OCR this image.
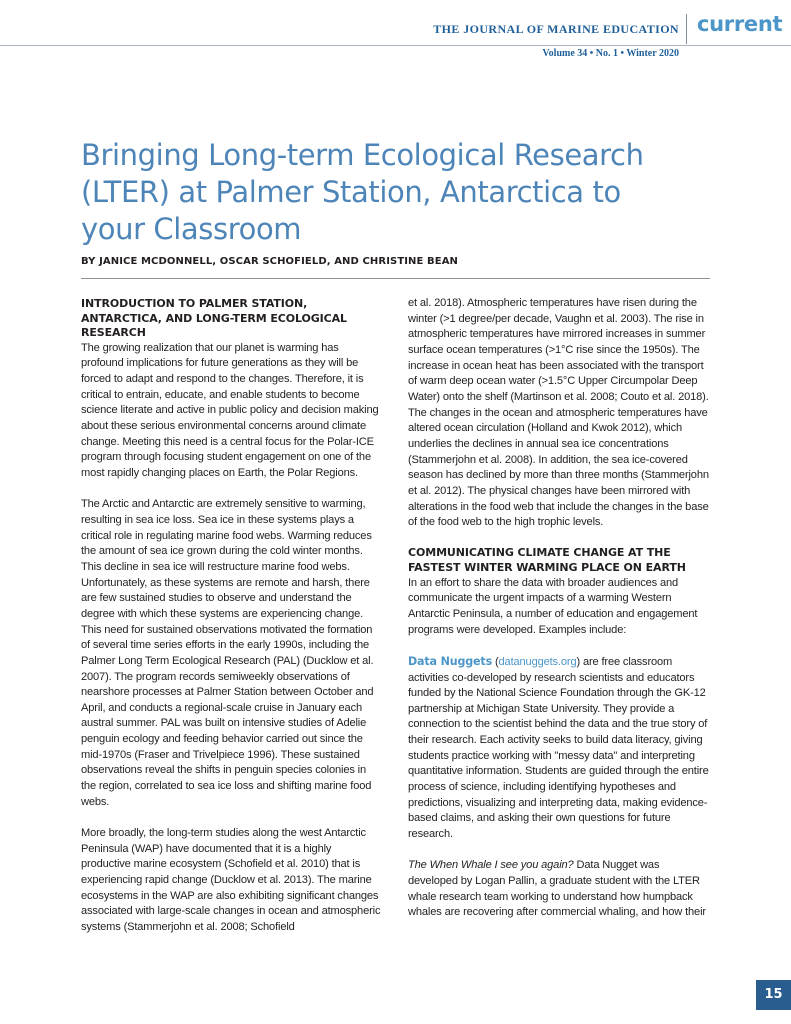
THE JOURNAL OF MARINE EDUCATION current
Volume 34 • No. 1 • Winter 2020
Bringing Long-term Ecological Research (LTER) at Palmer Station, Antarctica to your Classroom
BY JANICE MCDONNELL, OSCAR SCHOFIELD, AND CHRISTINE BEAN
INTRODUCTION TO PALMER STATION, ANTARCTICA, AND LONG-TERM ECOLOGICAL RESEARCH

The growing realization that our planet is warming has profound implications for future generations as they will be forced to adapt and respond to the changes. Therefore, it is critical to entrain, educate, and enable students to become science literate and active in public policy and decision making about these serious environmental concerns around climate change. Meeting this need is a central focus for the Polar-ICE program through focusing student engagement on one of the most rapidly changing places on Earth, the Polar Regions.

The Arctic and Antarctic are extremely sensitive to warming, resulting in sea ice loss. Sea ice in these systems plays a critical role in regulating marine food webs. Warming reduces the amount of sea ice grown during the cold winter months. This decline in sea ice will restructure marine food webs. Unfortunately, as these systems are remote and harsh, there are few sustained studies to observe and understand the degree with which these systems are experiencing change. This need for sustained observations motivated the formation of several time series efforts in the early 1990s, including the Palmer Long Term Ecological Research (PAL) (Ducklow et al. 2007). The program records semiweekly observations of nearshore processes at Palmer Station between October and April, and conducts a regional-scale cruise in January each austral summer. PAL was built on intensive studies of Adelie penguin ecology and feeding behavior carried out since the mid-1970s (Fraser and Trivelpiece 1996). These sustained observations reveal the shifts in penguin species colonies in the region, correlated to sea ice loss and shifting marine food webs.

More broadly, the long-term studies along the west Antarctic Peninsula (WAP) have documented that it is a highly productive marine ecosystem (Schofield et al. 2010) that is experiencing rapid change (Ducklow et al. 2013). The marine ecosystems in the WAP are also exhibiting significant changes associated with large-scale changes in ocean and atmospheric systems (Stammerjohn et al. 2008; Schofield

et al. 2018). Atmospheric temperatures have risen during the winter (>1 degree/per decade, Vaughn et al. 2003). The rise in atmospheric temperatures have mirrored increases in summer surface ocean temperatures (>1°C rise since the 1950s). The increase in ocean heat has been associated with the transport of warm deep ocean water (>1.5°C Upper Circumpolar Deep Water) onto the shelf (Martinson et al. 2008; Couto et al. 2018). The changes in the ocean and atmospheric temperatures have altered ocean circulation (Holland and Kwok 2012), which underlies the declines in annual sea ice concentrations (Stammerjohn et al. 2008). In addition, the sea ice-covered season has declined by more than three months (Stammerjohn et al. 2012). The physical changes have been mirrored with alterations in the food web that include the changes in the base of the food web to the high trophic levels.

COMMUNICATING CLIMATE CHANGE AT THE FASTEST WINTER WARMING PLACE ON EARTH

In an effort to share the data with broader audiences and communicate the urgent impacts of a warming Western Antarctic Peninsula, a number of education and engagement programs were developed. Examples include:

Data Nuggets (datanuggets.org) are free classroom activities co-developed by research scientists and educators funded by the National Science Foundation through the GK-12 partnership at Michigan State University. They provide a connection to the scientist behind the data and the true story of their research. Each activity seeks to build data literacy, giving students practice working with "messy data" and interpreting quantitative information. Students are guided through the entire process of science, including identifying hypotheses and predictions, visualizing and interpreting data, making evidence-based claims, and asking their own questions for future research.

The When Whale I see you again? Data Nugget was developed by Logan Pallin, a graduate student with the LTER whale research team working to understand how humpback whales are recovering after commercial whaling, and how their

15
